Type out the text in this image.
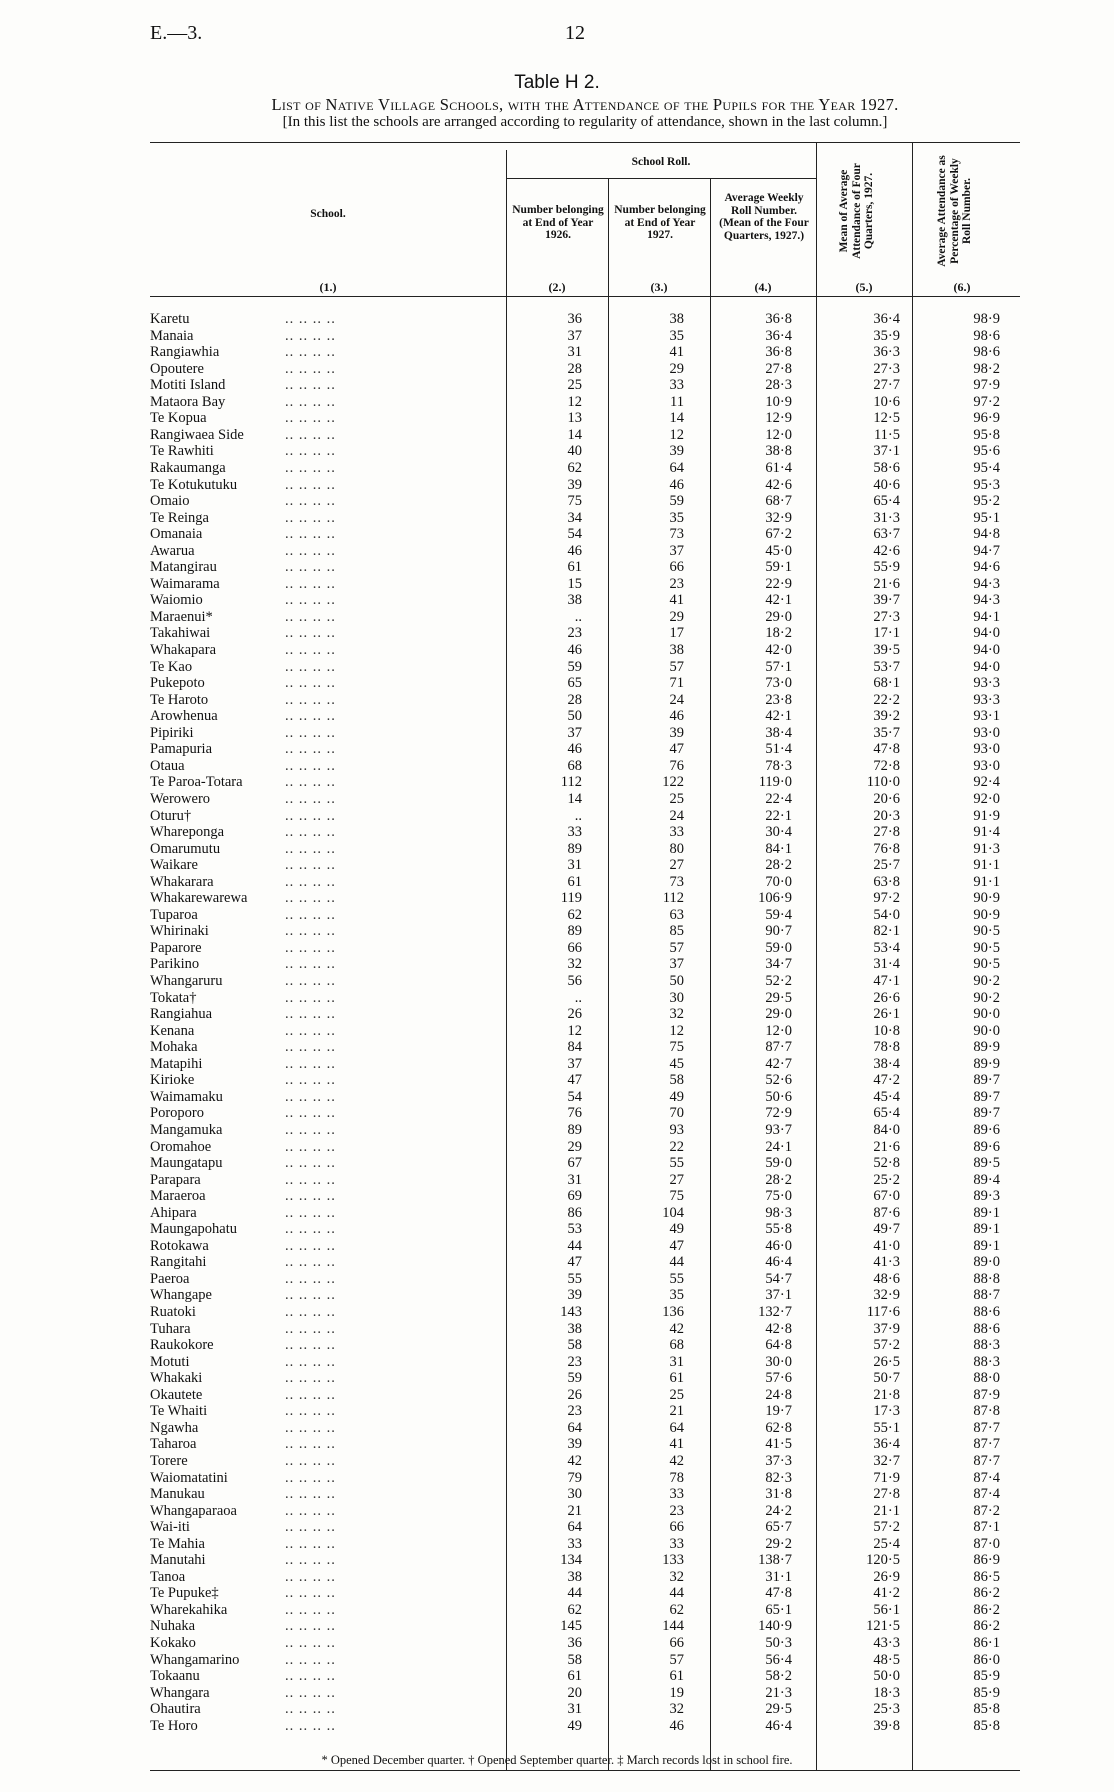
E.—3.	12
Table H 2.
List of Native Village Schools, with the Attendance of the Pupils for the Year 1927.
[In this list the schools are arranged according to regularity of attendance, shown in the last column.]
School.
School Roll.
Number belonging at End of Year 1926.
Number belonging at End of Year 1927.
Average Weekly Roll Number. (Mean of the Four Quarters, 1927.)	Mean of Average Attendance of Four Quarters, 1927.	Average Attendance as Percentage of Weekly Roll Number.
(1.)	(2.)	(3.)	(4.)	(5.)	(6.)
Karetu	36	38	36·8	36·4	98·9
.. .. .. ..
Manaia	37	35	36·4	35·9	98·6
.. .. .. ..
Rangiawhia	31	41	36·8	36·3	98·6
.. .. .. ..
Opoutere	28	29	27·8	27·3	98·2
.. .. .. ..
Motiti Island	25	33	28·3	27·7	97·9
.. .. .. ..
Mataora Bay	12	11	10·9	10·6	97·2
.. .. .. ..
Te Kopua	13	14	12·9	12·5	96·9
.. .. .. ..
Rangiwaea Side	14	12	12·0	11·5	95·8
.. .. .. ..
Te Rawhiti	40	39	38·8	37·1	95·6
.. .. .. ..
Rakaumanga	62	64	61·4	58·6	95·4
.. .. .. ..
Te Kotukutuku	39	46	42·6	40·6	95·3
.. .. .. ..
Omaio	75	59	68·7	65·4	95·2
.. .. .. ..
Te Reinga	34	35	32·9	31·3	95·1
.. .. .. ..
Omanaia	54	73	67·2	63·7	94·8
.. .. .. ..
Awarua	46	37	45·0	42·6	94·7
.. .. .. ..
Matangirau	61	66	59·1	55·9	94·6
.. .. .. ..
Waimarama	15	23	22·9	21·6	94·3
.. .. .. ..
Waiomio	38	41	42·1	39·7	94·3
.. .. .. ..
Maraenui*	..	29	29·0	27·3	94·1
.. .. .. ..
Takahiwai	23	17	18·2	17·1	94·0
.. .. .. ..
Whakapara	46	38	42·0	39·5	94·0
.. .. .. ..
Te Kao	59	57	57·1	53·7	94·0
.. .. .. ..
Pukepoto	65	71	73·0	68·1	93·3
.. .. .. ..
Te Haroto	28	24	23·8	22·2	93·3
.. .. .. ..
Arowhenua	50	46	42·1	39·2	93·1
.. .. .. ..
Pipiriki	37	39	38·4	35·7	93·0
.. .. .. ..
Pamapuria	46	47	51·4	47·8	93·0
.. .. .. ..
Otaua	68	76	78·3	72·8	93·0
.. .. .. ..
Te Paroa-Totara	112	122	119·0	110·0	92·4
.. .. .. ..
Werowero	14	25	22·4	20·6	92·0
.. .. .. ..
Oturu†	..	24	22·1	20·3	91·9
.. .. .. ..
Whareponga	33	33	30·4	27·8	91·4
.. .. .. ..
Omarumutu	89	80	84·1	76·8	91·3
.. .. .. ..
Waikare	31	27	28·2	25·7	91·1
.. .. .. ..
Whakarara	61	73	70·0	63·8	91·1
.. .. .. ..
Whakarewarewa	119	112	106·9	97·2	90·9
.. .. .. ..
Tuparoa	62	63	59·4	54·0	90·9
.. .. .. ..
Whirinaki	89	85	90·7	82·1	90·5
.. .. .. ..
Paparore	66	57	59·0	53·4	90·5
.. .. .. ..
Parikino	32	37	34·7	31·4	90·5
.. .. .. ..
Whangaruru	56	50	52·2	47·1	90·2
.. .. .. ..
Tokata†	..	30	29·5	26·6	90·2
.. .. .. ..
Rangiahua	26	32	29·0	26·1	90·0
.. .. .. ..
Kenana	12	12	12·0	10·8	90·0
.. .. .. ..
Mohaka	84	75	87·7	78·8	89·9
.. .. .. ..
Matapihi	37	45	42·7	38·4	89·9
.. .. .. ..
Kirioke	47	58	52·6	47·2	89·7
.. .. .. ..
Waimamaku	54	49	50·6	45·4	89·7
.. .. .. ..
Poroporo	76	70	72·9	65·4	89·7
.. .. .. ..
Mangamuka	89	93	93·7	84·0	89·6
.. .. .. ..
Oromahoe	29	22	24·1	21·6	89·6
.. .. .. ..
Maungatapu	67	55	59·0	52·8	89·5
.. .. .. ..
Parapara	31	27	28·2	25·2	89·4
.. .. .. ..
Maraeroa	69	75	75·0	67·0	89·3
.. .. .. ..
Ahipara	86	104	98·3	87·6	89·1
.. .. .. ..
Maungapohatu	53	49	55·8	49·7	89·1
.. .. .. ..
Rotokawa	44	47	46·0	41·0	89·1
.. .. .. ..
Rangitahi	47	44	46·4	41·3	89·0
.. .. .. ..
Paeroa	55	55	54·7	48·6	88·8
.. .. .. ..
Whangape	39	35	37·1	32·9	88·7
.. .. .. ..
Ruatoki	143	136	132·7	117·6	88·6
.. .. .. ..
Tuhara	38	42	42·8	37·9	88·6
.. .. .. ..
Raukokore	58	68	64·8	57·2	88·3
.. .. .. ..
Motuti	23	31	30·0	26·5	88·3
.. .. .. ..
Whakaki	59	61	57·6	50·7	88·0
.. .. .. ..
Okautete	26	25	24·8	21·8	87·9
.. .. .. ..
Te Whaiti	23	21	19·7	17·3	87·8
.. .. .. ..
Ngawha	64	64	62·8	55·1	87·7
.. .. .. ..
Taharoa	39	41	41·5	36·4	87·7
.. .. .. ..
Torere	42	42	37·3	32·7	87·7
.. .. .. ..
Waiomatatini	79	78	82·3	71·9	87·4
.. .. .. ..
Manukau	30	33	31·8	27·8	87·4
.. .. .. ..
Whangaparaoa	21	23	24·2	21·1	87·2
.. .. .. ..
Wai-iti	64	66	65·7	57·2	87·1
.. .. .. ..
Te Mahia	33	33	29·2	25·4	87·0
.. .. .. ..
Manutahi	134	133	138·7	120·5	86·9
.. .. .. ..
Tanoa	38	32	31·1	26·9	86·5
.. .. .. ..
Te Pupuke‡	44	44	47·8	41·2	86·2
.. .. .. ..
Wharekahika	62	62	65·1	56·1	86·2
.. .. .. ..
Nuhaka	145	144	140·9	121·5	86·2
.. .. .. ..
Kokako	36	66	50·3	43·3	86·1
.. .. .. ..
Whangamarino	58	57	56·4	48·5	86·0
.. .. .. ..
Tokaanu	61	61	58·2	50·0	85·9
.. .. .. ..
Whangara	20	19	21·3	18·3	85·9
.. .. .. ..
Ohautira	31	32	29·5	25·3	85·8
.. .. .. ..
Te Horo	49	46	46·4	39·8	85·8
.. .. .. ..
* Opened December quarter. † Opened September quarter. ‡ March records lost in school fire.
